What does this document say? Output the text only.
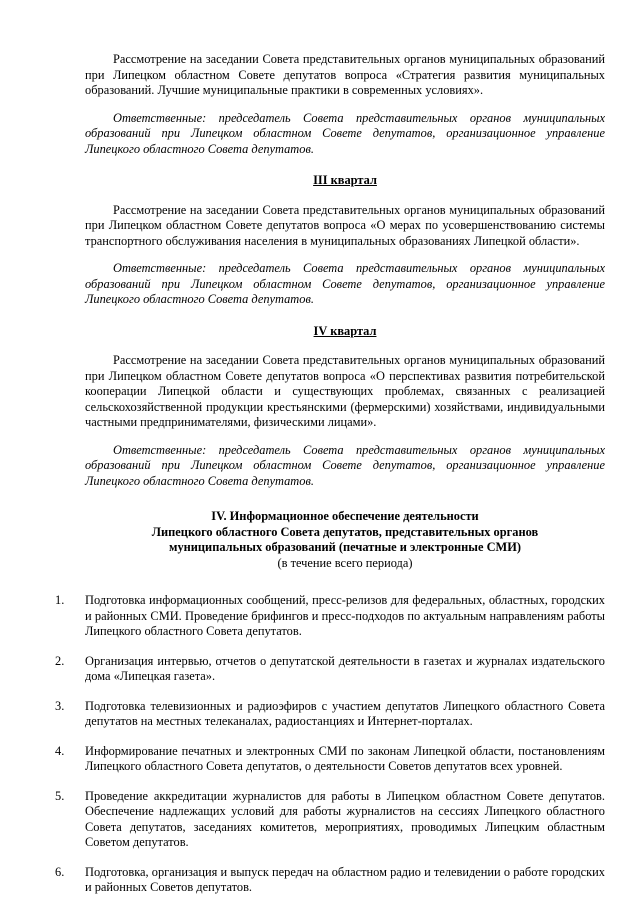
Рассмотрение на заседании Совета представительных органов муниципальных образований при Липецком областном Совете депутатов вопроса «Стратегия развития муниципальных образований. Лучшие муниципальные практики в современных условиях».

Ответственные: председатель Совета представительных органов муниципальных образований при Липецком областном Совете депутатов, организационное управление Липецкого областного Совета депутатов.

III квартал

Рассмотрение на заседании Совета представительных органов муниципальных образований при Липецком областном Совете депутатов вопроса «О мерах по усовершенствованию системы транспортного обслуживания населения в муниципальных образованиях Липецкой области».

Ответственные: председатель Совета представительных органов муниципальных образований при Липецком областном Совете депутатов, организационное управление Липецкого областного Совета депутатов.

IV квартал

Рассмотрение на заседании Совета представительных органов муниципальных образований при Липецком областном Совете депутатов вопроса «О перспективах развития потребительской кооперации Липецкой области и существующих проблемах, связанных с реализацией сельскохозяйственной продукции крестьянскими (фермерскими) хозяйствами, индивидуальными частными предпринимателями, физическими лицами».

Ответственные: председатель Совета представительных органов муниципальных образований при Липецком областном Совете депутатов, организационное управление Липецкого областного Совета депутатов.

IV. Информационное обеспечение деятельности
Липецкого областного Совета депутатов, представительных органов
муниципальных образований (печатные и электронные СМИ)
(в течение всего периода)
1. Подготовка информационных сообщений, пресс-релизов для федеральных, областных, городских и районных СМИ. Проведение брифингов и пресс-подходов по актуальным направлениям работы Липецкого областного Совета депутатов.

2. Организация интервью, отчетов о депутатской деятельности в газетах и журналах издательского дома «Липецкая газета».

3. Подготовка телевизионных и радиоэфиров с участием депутатов Липецкого областного Совета депутатов на местных телеканалах, радиостанциях и Интернет-порталах.

4. Информирование печатных и электронных СМИ по законам Липецкой области, постановлениям Липецкого областного Совета депутатов, о деятельности Советов депутатов всех уровней.

5. Проведение аккредитации журналистов для работы в Липецком областном Совете депутатов. Обеспечение надлежащих условий для работы журналистов на сессиях Липецкого областного Совета депутатов, заседаниях комитетов, мероприятиях, проводимых Липецким областным Советом депутатов.

6. Подготовка, организация и выпуск передач на областном радио и телевидении о работе городских и районных Советов депутатов.
